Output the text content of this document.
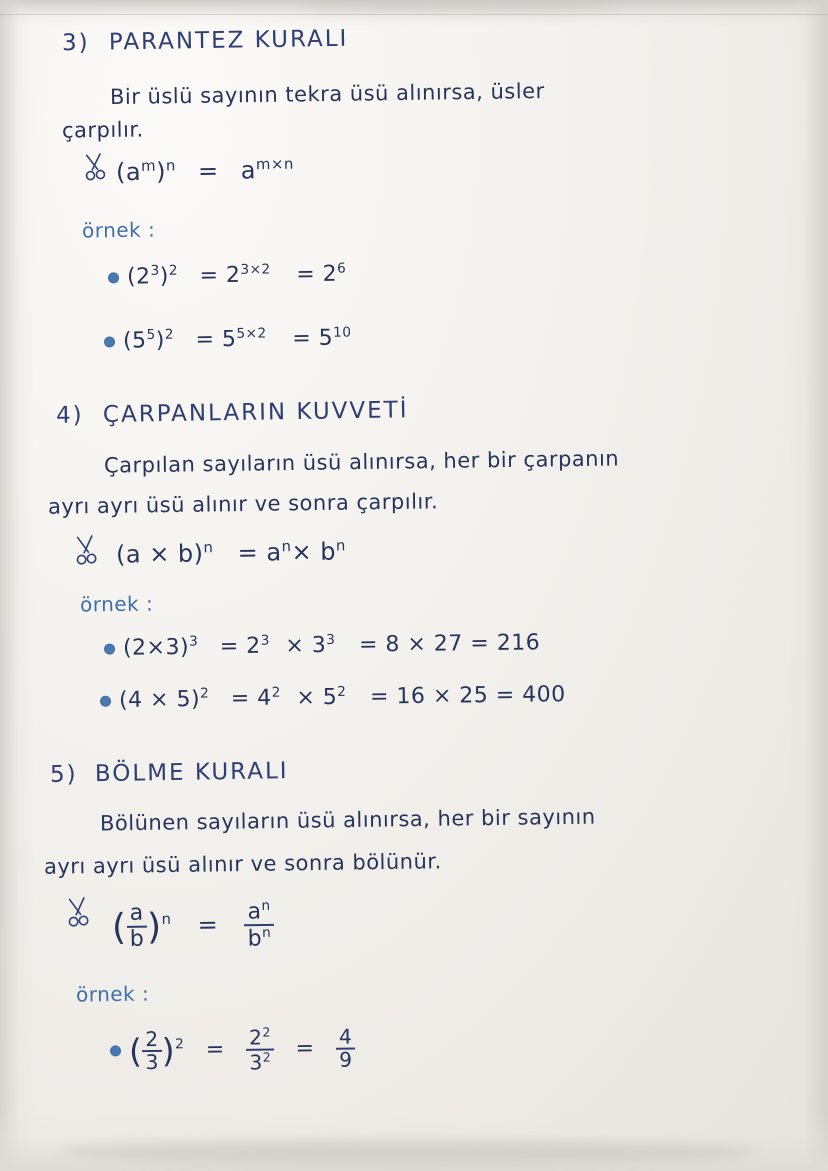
3) PARANTEZ KURALI
Bir üslü sayının tekra üsü alınırsa, üsler
çarpılır.
$(a^m)^n = a^{m\times n}$
örnek :
$(2^3)^2 = 2^{3\times 2} = 2^6$
$(5^5)^2 = 5^{5\times 2} = 5^{10}$
4) ÇARPANLARIN KUVVETİ
Çarpılan sayıların üsü alınırsa, her bir çarpanın
ayrı ayrı üsü alınır ve sonra çarpılır.
$(a \times b)^n = a^n\times b^n$
örnek :
$(2\times 3)^3 = 2^3 \times 3^3 = 8 \times 27 = 216$
$(4 \times 5)^2 = 4^2 \times 5^2 = 16 \times 25 = 400$
5) BÖLME KURALI
Bölünen sayıların üsü alınırsa, her bir sayının
ayrı ayrı üsü alınır ve sonra bölünür.
( $\frac{a}{b} )^n = \frac{a^n}{b^n}$
örnek :
( $\frac{2}{3} )^2 = \frac{2^2}{3^2} = \frac{4}{9}$
